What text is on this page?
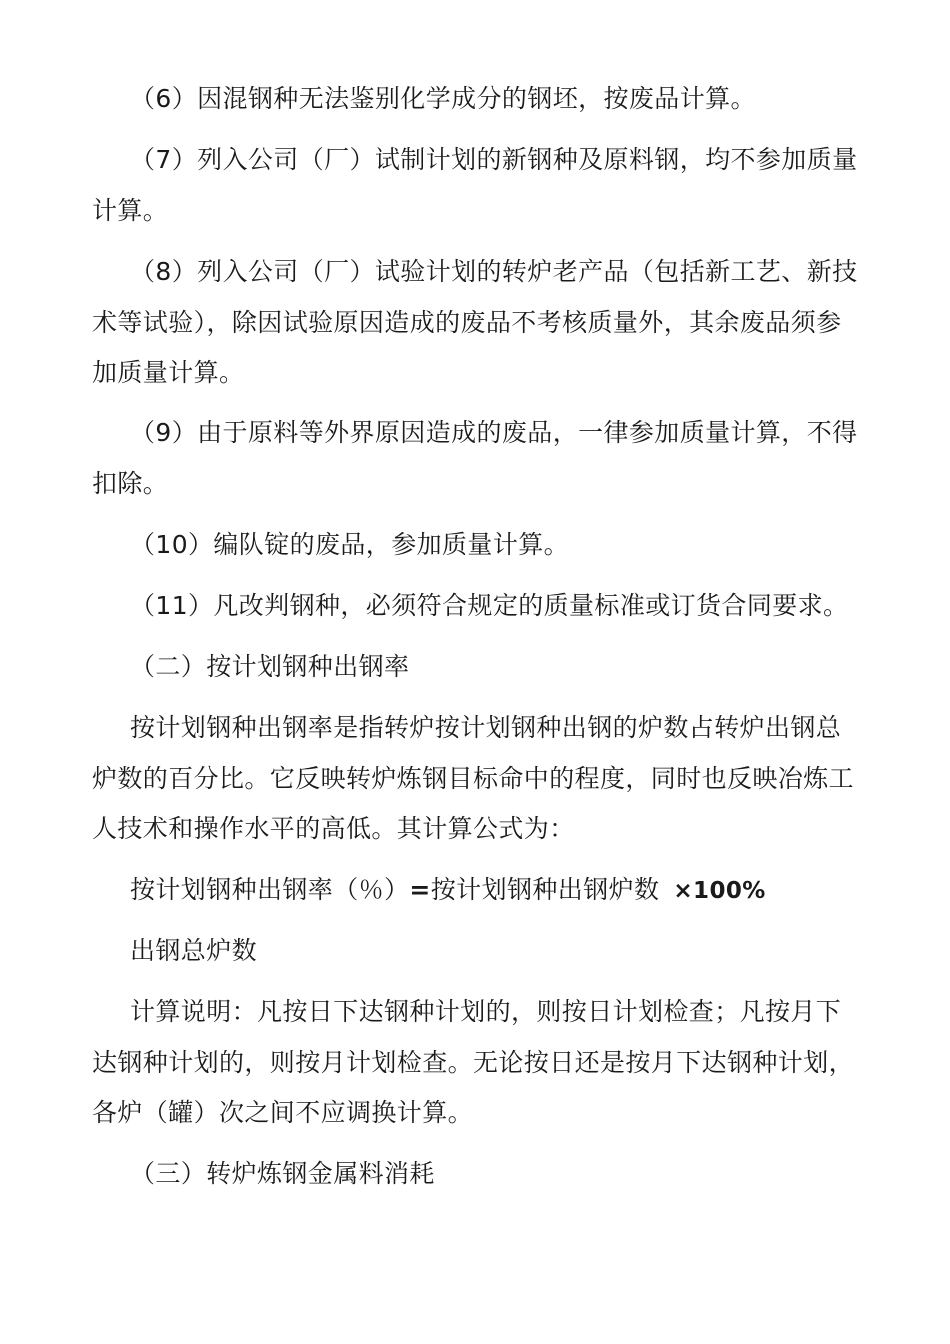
（6）因混钢种无法鉴别化学成分的钢坯，按废品计算。
（7）列入公司（厂）试制计划的新钢种及原料钢，均不参加质量
计算。
（8）列入公司（厂）试验计划的转炉老产品（包括新工艺、新技
术等试验），除因试验原因造成的废品不考核质量外，其余废品须参
加质量计算。
（9）由于原料等外界原因造成的废品，一律参加质量计算，不得
扣除。
（10）编队锭的废品，参加质量计算。
（11）凡改判钢种，必须符合规定的质量标准或订货合同要求。
（二）按计划钢种出钢率
按计划钢种出钢率是指转炉按计划钢种出钢的炉数占转炉出钢总
炉数的百分比。它反映转炉炼钢目标命中的程度，同时也反映冶炼工
人技术和操作水平的高低。其计算公式为：
按计划钢种出钢率（％）=按计划钢种出钢炉数 ×100%
出钢总炉数
计算说明：凡按日下达钢种计划的，则按日计划检查；凡按月下
达钢种计划的，则按月计划检查。无论按日还是按月下达钢种计划，
各炉（罐）次之间不应调换计算。
（三）转炉炼钢金属料消耗
